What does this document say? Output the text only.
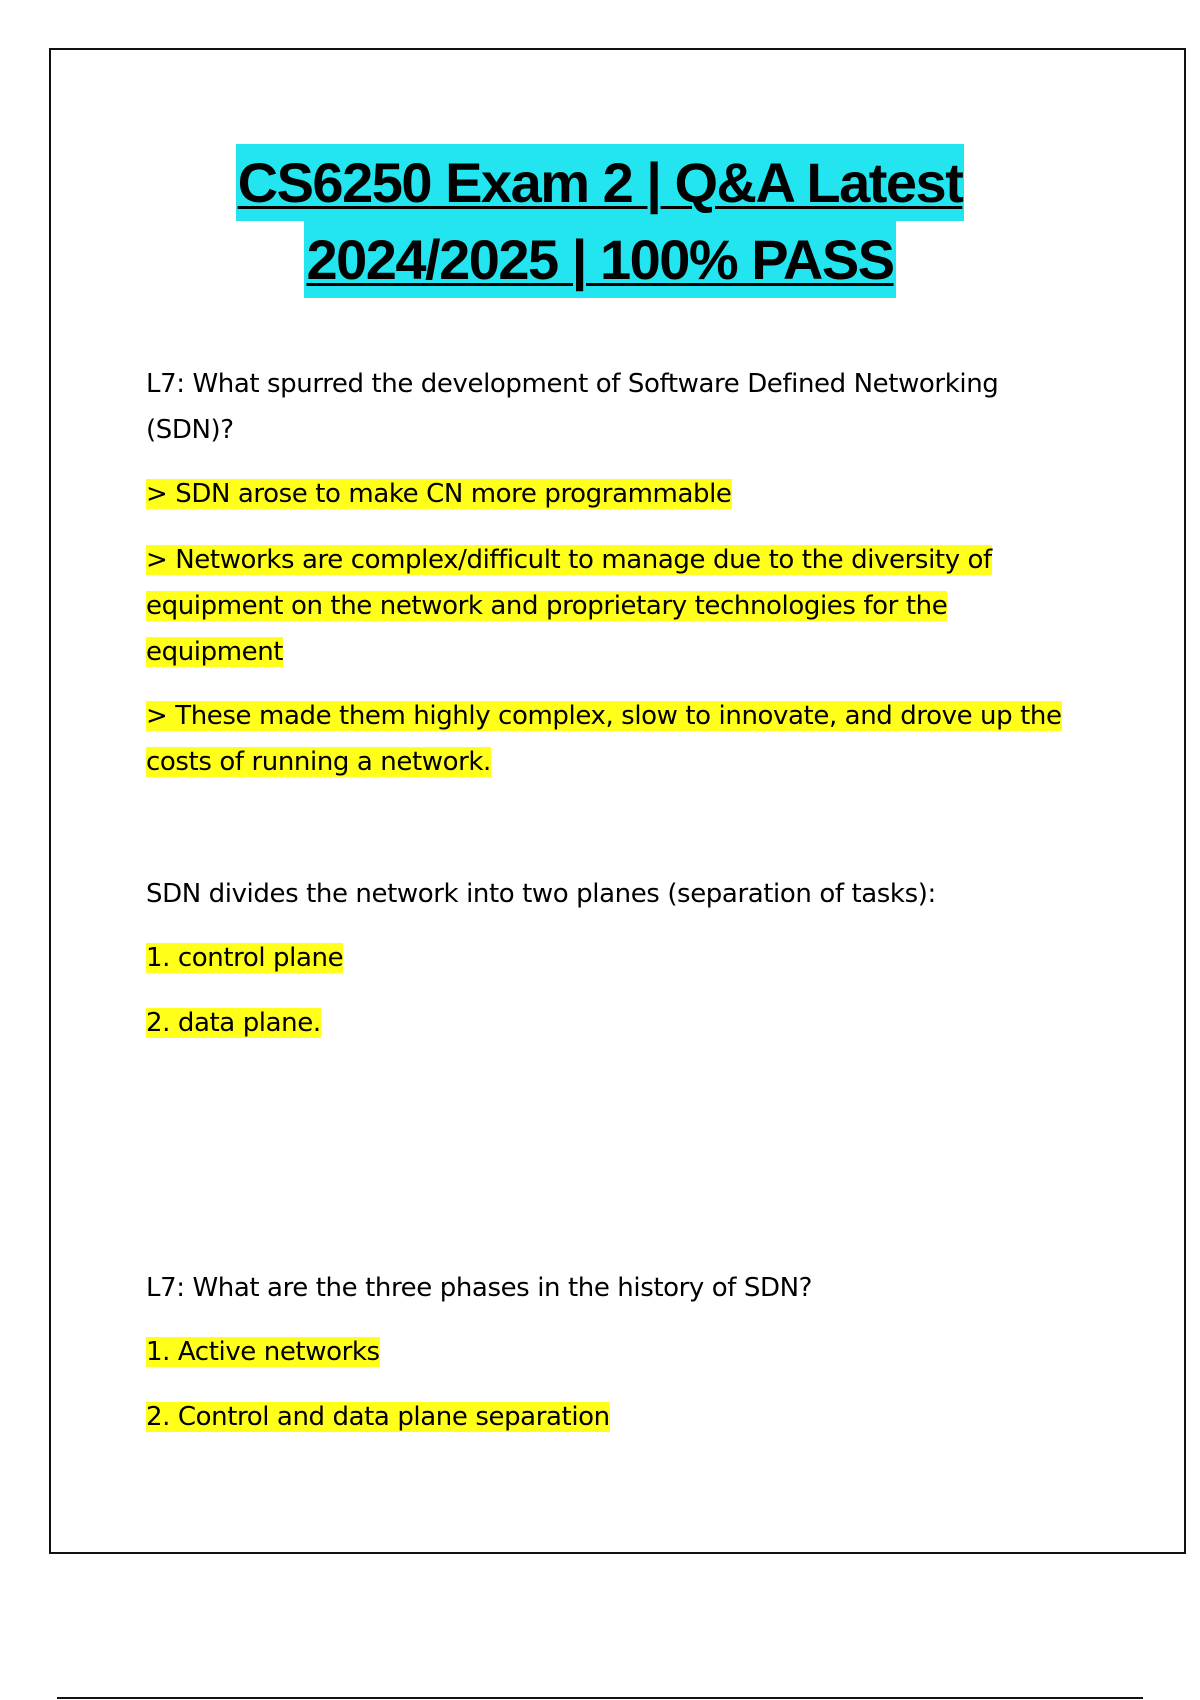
CS6250 Exam 2 | Q&A Latest
2024/2025 | 100% PASS

L7: What spurred the development of Software Defined Networking (SDN)?

> SDN arose to make CN more programmable

> Networks are complex/difficult to manage due to the diversity of equipment on the network and proprietary technologies for the equipment

> These made them highly complex, slow to innovate, and drove up the costs of running a network.

SDN divides the network into two planes (separation of tasks):

1. control plane

2. data plane.

L7: What are the three phases in the history of SDN?

1. Active networks

2. Control and data plane separation
